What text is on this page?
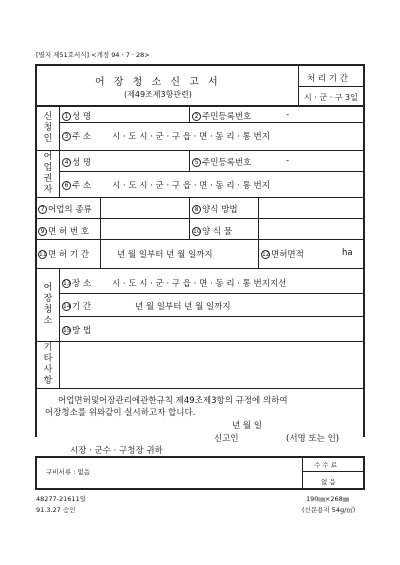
[별지 제51호서식] <개정 94 · 7 · 28>
어 장 청 소 신 고 서
(제49조제3항관련)
처 리 기 간
시 · 군 · 구 3일
신
청
인
1 성 명	2 주민등록번호	-
3 주 소 시 · 도 시 · 군 · 구 읍 · 면 · 동 리 · 통 번지
어
업
권
자
4 성 명	5 주민등록번호	-
6 주 소 시 · 도 시 · 군 · 구 읍 · 면 · 동 리 · 통 번지
7 어업의 종류	8 양식 방법
9 면 허 번 호	10양 식 물
11면 허 기 간	년 월 일부터 년 월 일까지	12면허면적	ha
어
장
청
소
13장 소 시 · 도 시 · 군 · 구 읍 · 면 · 동 리 · 통 번지지선
14기 간	년 월 일부터 년 월 일까지
15방 법
기
타
사
항
어업면허및어장관리에관한규칙 제49조제3항의 규정에 의하여
어장청소를 위와같이 실시하고자 합니다.
년 월 일
신고인	(서명 또는 인)
시장 · 군수 · 구청장 귀하
구비서류 : 없음
수 수 료
없 음
48277-21611일
91.3.27 승인
190㎜×268㎜
(신문용지 54g/㎡)
